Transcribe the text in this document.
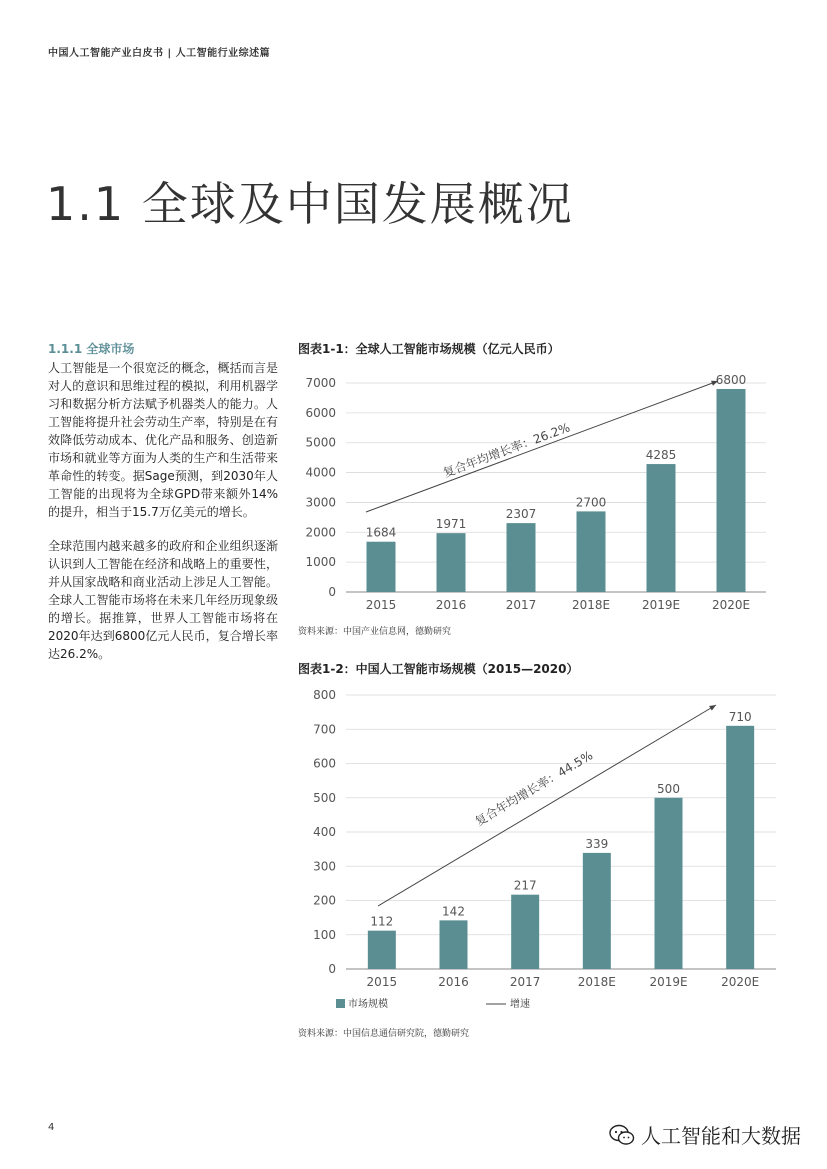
中国人工智能产业白皮书 | 人工智能行业综述篇
1.1 全球及中国发展概况
1.1.1 全球市场

人工智能是一个很宽泛的概念，概括而言是对人的意识和思维过程的模拟，利用机器学习和数据分析方法赋予机器类人的能力。人工智能将提升社会劳动生产率，特别是在有效降低劳动成本、优化产品和服务、创造新市场和就业等方面为人类的生产和生活带来革命性的转变。据Sage预测，到2030年人工智能的出现将为全球GPD带来额外14%的提升，相当于15.7万亿美元的增长。

全球范围内越来越多的政府和企业组织逐渐认识到人工智能在经济和战略上的重要性，并从国家战略和商业活动上涉足人工智能。全球人工智能市场将在未来几年经历现象级的增长。据推算，世界人工智能市场将在2020年达到6800亿元人民币，复合增长率达26.2%。

图表1-1：全球人工智能市场规模（亿元人民币）
0
1000
2000
3000
4000
5000
6000
7000
1684
2015
1971
2016
2307
2017
2700
2018E
4285
2019E
6800
2020E
复合年均增长率：26.2%
资料来源：中国产业信息网，德勤研究
图表1-2：中国人工智能市场规模（2015—2020）
0
100
200
300
400
500
600
700
800
112
2015
142
2016
217
2017
339
2018E
500
2019E
710
2020E
复合年均增长率：44.5%
市场规模	增速
资料来源：中国信息通信研究院，德勤研究
4	人工智能和大数据
